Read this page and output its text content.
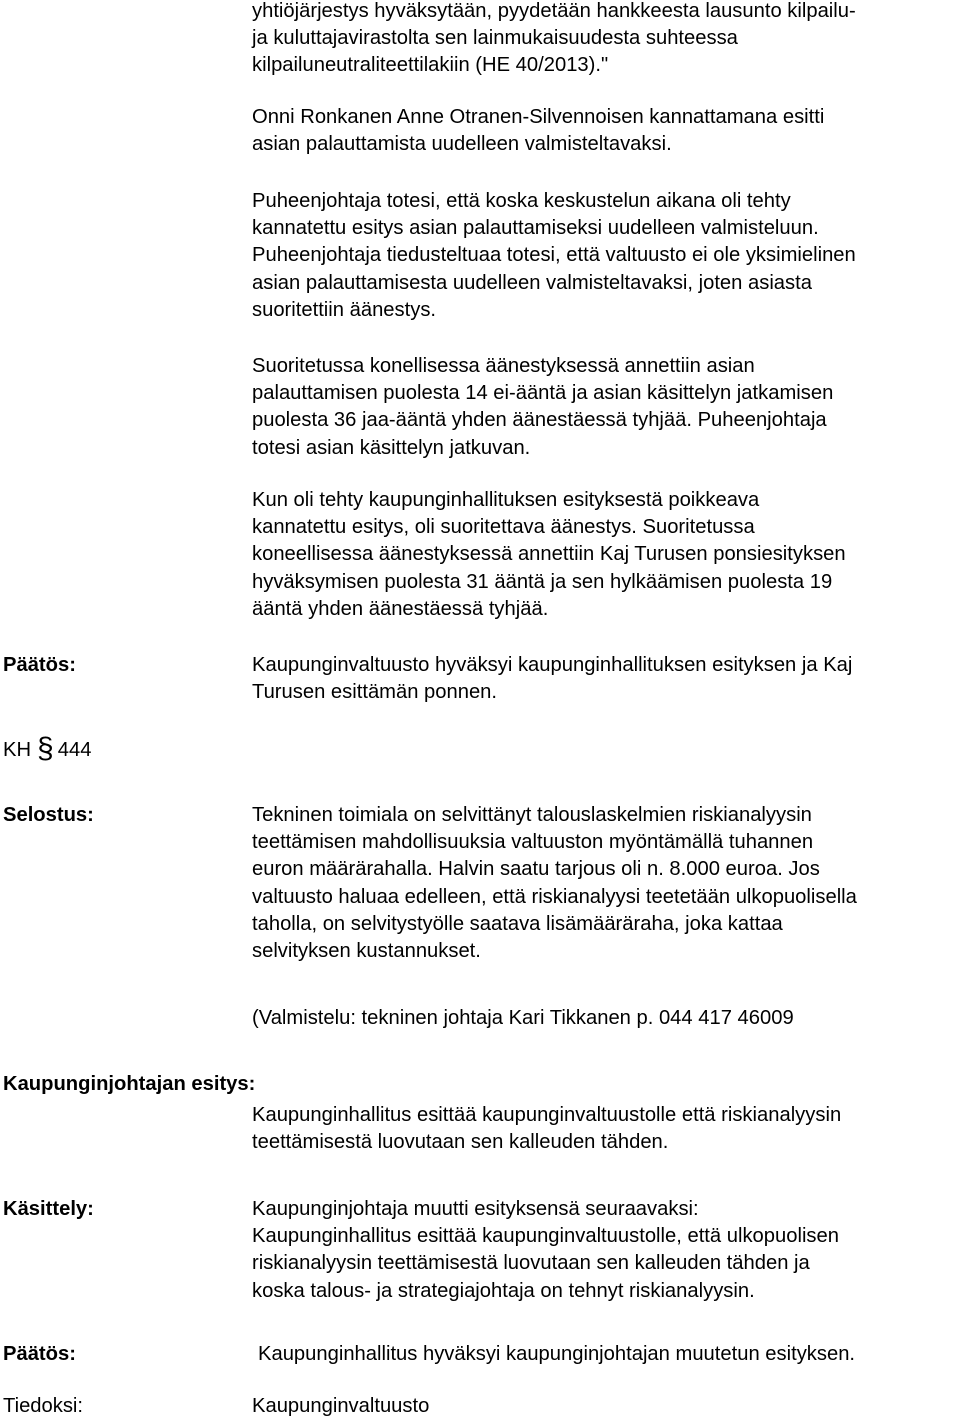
yhtiöjärjestys hyväksytään, pyydetään hankkeesta lausunto kilpailu-
ja kuluttajavirastolta sen lainmukaisuudesta suhteessa
kilpailuneutraliteettilakiin (HE 40/2013)."
Onni Ronkanen Anne Otranen-Silvennoisen kannattamana esitti
asian palauttamista uudelleen valmisteltavaksi.
Puheenjohtaja totesi, että koska keskustelun aikana oli tehty
kannatettu esitys asian palauttamiseksi uudelleen valmisteluun.
Puheenjohtaja tiedusteltuaa totesi, että valtuusto ei ole yksimielinen
asian palauttamisesta uudelleen valmisteltavaksi, joten asiasta
suoritettiin äänestys.
Suoritetussa konellisessa äänestyksessä annettiin asian
palauttamisen puolesta 14 ei-ääntä ja asian käsittelyn jatkamisen
puolesta 36 jaa-ääntä yhden äänestäessä tyhjää. Puheenjohtaja
totesi asian käsittelyn jatkuvan.
Kun oli tehty kaupunginhallituksen esityksestä poikkeava
kannatettu esitys, oli suoritettava äänestys. Suoritetussa
koneellisessa äänestyksessä annettiin Kaj Turusen ponsiesityksen
hyväksymisen puolesta 31 ääntä ja sen hylkäämisen puolesta 19
ääntä yhden äänestäessä tyhjää.
Päätös:	Kaupunginvaltuusto hyväksyi kaupunginhallituksen esityksen ja Kaj
Turusen esittämän ponnen.
KH § 444
Selostus:	Tekninen toimiala on selvittänyt talouslaskelmien riskianalyysin
teettämisen mahdollisuuksia valtuuston myöntämällä tuhannen
euron määrärahalla. Halvin saatu tarjous oli n. 8.000 euroa. Jos
valtuusto haluaa edelleen, että riskianalyysi teetetään ulkopuolisella
taholla, on selvitystyölle saatava lisämääräraha, joka kattaa
selvityksen kustannukset.
(Valmistelu: tekninen johtaja Kari Tikkanen p. 044 417 46009
Kaupunginjohtajan esitys:
Kaupunginhallitus esittää kaupunginvaltuustolle että riskianalyysin
teettämisestä luovutaan sen kalleuden tähden.
Käsittely:	Kaupunginjohtaja muutti esityksensä seuraavaksi:
Kaupunginhallitus esittää kaupunginvaltuustolle, että ulkopuolisen
riskianalyysin teettämisestä luovutaan sen kalleuden tähden ja
koska talous- ja strategiajohtaja on tehnyt riskianalyysin.
Päätös:	Kaupunginhallitus hyväksyi kaupunginjohtajan muutetun esityksen.
Tiedoksi:	Kaupunginvaltuusto
